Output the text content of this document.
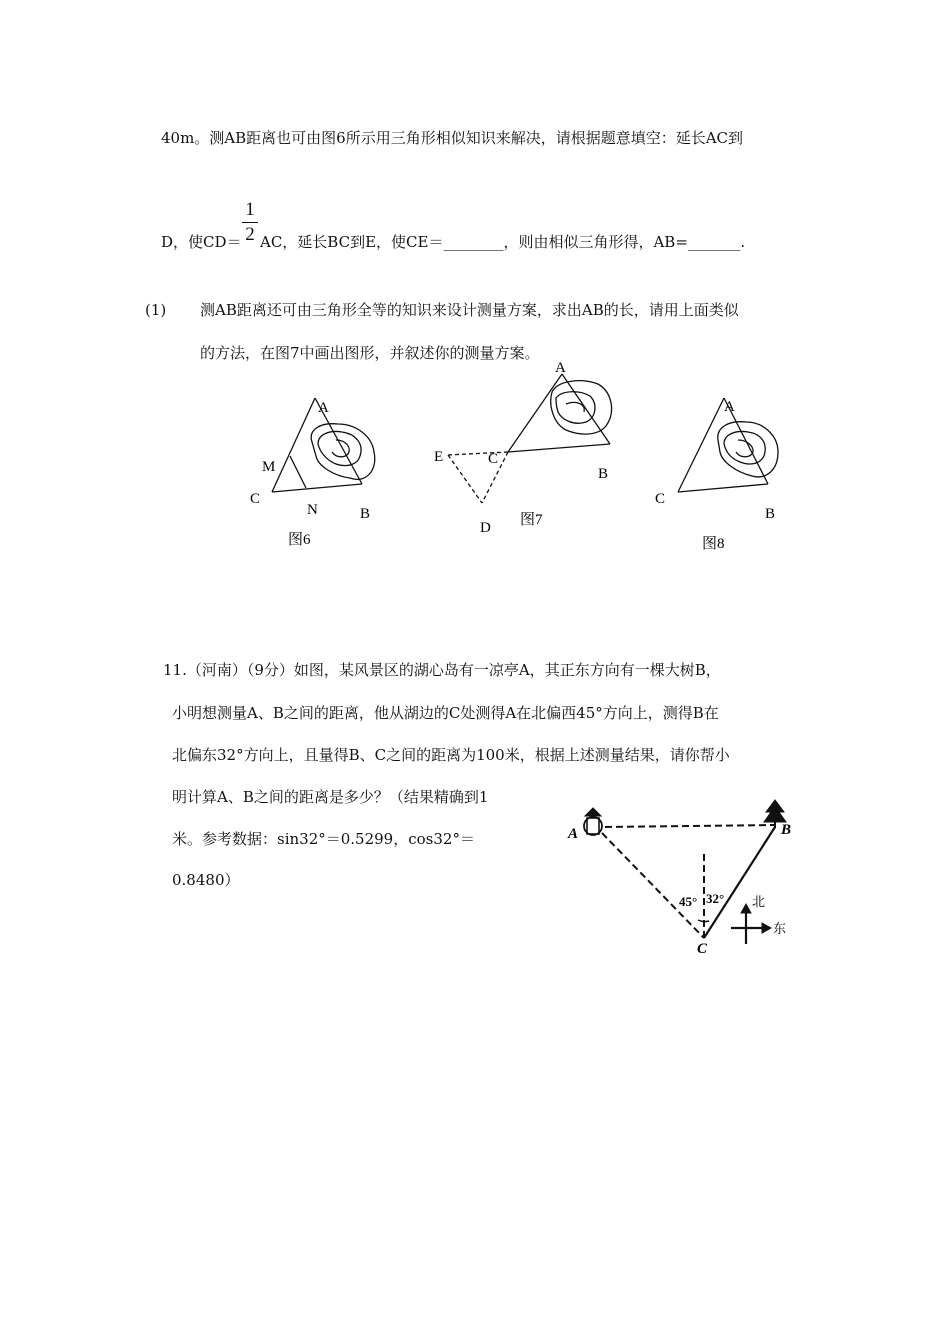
40m。测AB距离也可由图6所示用三角形相似知识来解决，请根据题意填空：延长AC到
D，使CD＝
1
2 AC，延长BC到E，使CE＝________，则由相似三角形得，AB=_______.
(1) 测AB距离还可由三角形全等的知识来设计测量方案，求出AB的长，请用上面类似
的方法，在图7中画出图形，并叙述你的测量方案。
A
M
C
N	B
图6
A
E	C
B
D 图7
A
C
B
图8
A	B
C
45° 32° 北
东
11.（河南）（9分）如图，某风景区的湖心岛有一凉亭A，其正东方向有一棵大树B，
小明想测量A、B之间的距离，他从湖边的C处测得A在北偏西45°方向上，测得B在
北偏东32°方向上，且量得B、C之间的距离为100米，根据上述测量结果，请你帮小
明计算A、B之间的距离是多少？（结果精确到1
米。参考数据：sin32°＝0.5299，cos32°＝
0.8480）
